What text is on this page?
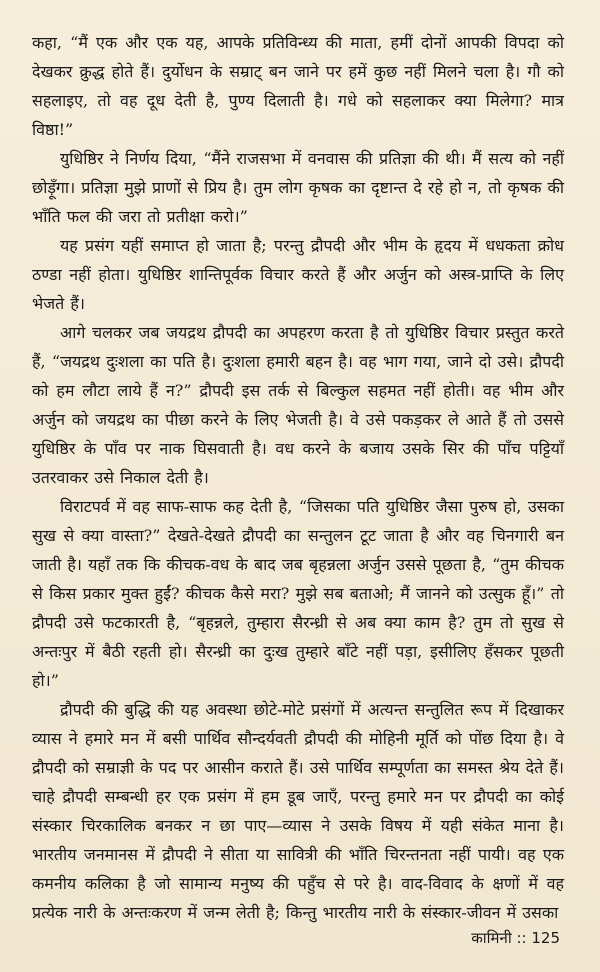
कहा, “मैं एक और एक यह, आपके प्रतिविन्ध्य की माता, हमीं दोनों आपकी विपदा को देखकर क्रुद्ध होते हैं। दुर्योधन के सम्राट् बन जाने पर हमें कुछ नहीं मिलने चला है। गौ को सहलाइए, तो वह दूध देती है, पुण्य दिलाती है। गधे को सहलाकर क्या मिलेगा? मात्र विष्ठा!”

युधिष्ठिर ने निर्णय दिया, “मैंने राजसभा में वनवास की प्रतिज्ञा की थी। मैं सत्य को नहीं छोड़ूँगा। प्रतिज्ञा मुझे प्राणों से प्रिय है। तुम लोग कृषक का दृष्टान्त दे रहे हो न, तो कृषक की भाँति फल की जरा तो प्रतीक्षा करो।”

यह प्रसंग यहीं समाप्त हो जाता है; परन्तु द्रौपदी और भीम के हृदय में धधकता क्रोध ठण्डा नहीं होता। युधिष्ठिर शान्तिपूर्वक विचार करते हैं और अर्जुन को अस्त्र-प्राप्ति के लिए भेजते हैं।

आगे चलकर जब जयद्रथ द्रौपदी का अपहरण करता है तो युधिष्ठिर विचार प्रस्तुत करते हैं, “जयद्रथ दुःशला का पति है। दुःशला हमारी बहन है। वह भाग गया, जाने दो उसे। द्रौपदी को हम लौटा लाये हैं न?” द्रौपदी इस तर्क से बिल्कुल सहमत नहीं होती। वह भीम और अर्जुन को जयद्रथ का पीछा करने के लिए भेजती है। वे उसे पकड़कर ले आते हैं तो उससे युधिष्ठिर के पाँव पर नाक घिसवाती है। वध करने के बजाय उसके सिर की पाँच पट्टियाँ उतरवाकर उसे निकाल देती है।

विराटपर्व में वह साफ-साफ कह देती है, “जिसका पति युधिष्ठिर जैसा पुरुष हो, उसका सुख से क्या वास्ता?” देखते-देखते द्रौपदी का सन्तुलन टूट जाता है और वह चिनगारी बन जाती है। यहाँ तक कि कीचक-वध के बाद जब बृहन्नला अर्जुन उससे पूछता है, “तुम कीचक से किस प्रकार मुक्त हुईं? कीचक कैसे मरा? मुझे सब बताओ; मैं जानने को उत्सुक हूँ।” तो द्रौपदी उसे फटकारती है, “बृहन्नले, तुम्हारा सैरन्ध्री से अब क्या काम है? तुम तो सुख से अन्तःपुर में बैठी रहती हो। सैरन्ध्री का दुःख तुम्हारे बाँटे नहीं पड़ा, इसीलिए हँसकर पूछती हो।”

द्रौपदी की बुद्धि की यह अवस्था छोटे-मोटे प्रसंगों में अत्यन्त सन्तुलित रूप में दिखाकर व्यास ने हमारे मन में बसी पार्थिव सौन्दर्यवती द्रौपदी की मोहिनी मूर्ति को पोंछ दिया है। वे द्रौपदी को सम्राज्ञी के पद पर आसीन कराते हैं। उसे पार्थिव सम्पूर्णता का समस्त श्रेय देते हैं। चाहे द्रौपदी सम्बन्धी हर एक प्रसंग में हम डूब जाएँ, परन्तु हमारे मन पर द्रौपदी का कोई संस्कार चिरकालिक बनकर न छा पाए—व्यास ने उसके विषय में यही संकेत माना है। भारतीय जनमानस में द्रौपदी ने सीता या सावित्री की भाँति चिरन्तनता नहीं पायी। वह एक कमनीय कलिका है जो सामान्य मनुष्य की पहुँच से परे है। वाद-विवाद के क्षणों में वह प्रत्येक नारी के अन्तःकरण में जन्म लेती है; किन्तु भारतीय नारी के संस्कार-जीवन में उसका

कामिनी :: 125
